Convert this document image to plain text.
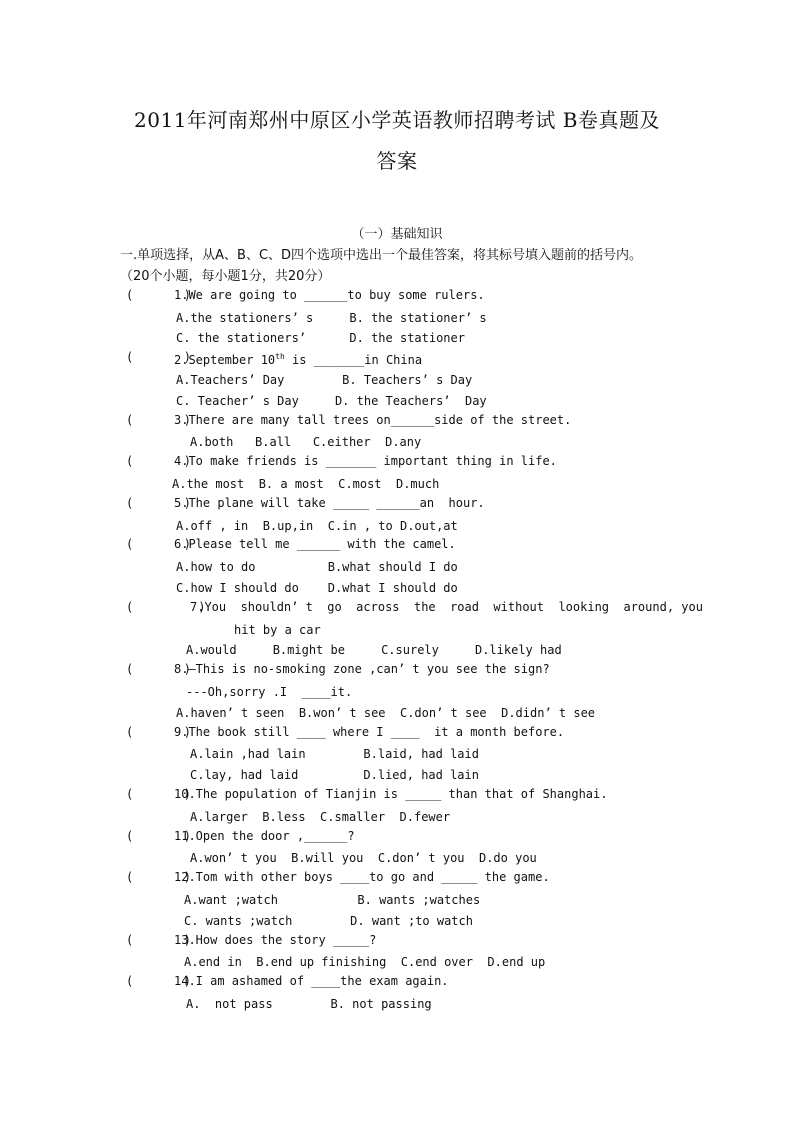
2011年河南郑州中原区小学英语教师招聘考试 B卷真题及
答案
（一）基础知识
一.单项选择，从A、B、C、D四个选项中选出一个最佳答案，将其标号填入题前的括号内。
（20个小题，每小题1分，共20分）
(       )
1.We are going to ______to buy some rulers.
A.the stationers’ s     B. the stationer’ s
C. the stationers’      D. the stationer
(       )
2.September 10th is _______in China
A.Teachers’ Day        B. Teachers’ s Day
C. Teacher’ s Day     D. the Teachers’  Day
(       )
3.There are many tall trees on______side of the street.
A.both   B.all   C.either  D.any
(       )
4.To make friends is _______ important thing in life.
A.the most  B. a most  C.most  D.much
(       )
5.The plane will take _____ ______an  hour.
A.off , in  B.up,in  C.in , to D.out,at
(       )
6.Please tell me ______ with the camel.
A.how to do          B.what should I do
C.how I should do    D.what I should do
(         )
7.You  shouldn’ t  go  across  the  road  without  looking  around, you
hit by a car
A.would     B.might be     C.surely     D.likely had
(       )
8.—This is no-smoking zone ,can’ t you see the sign?
---Oh,sorry .I  ____it.
A.haven’ t seen  B.won’ t see  C.don’ t see  D.didn’ t see
(       )
9.The book still ____ where I ____  it a month before.
A.lain ,had lain        B.laid, had laid
C.lay, had laid         D.lied, had lain
(       )
10.The population of Tianjin is _____ than that of Shanghai.
A.larger  B.less  C.smaller  D.fewer
(       )
11.Open the door ,______?
A.won’ t you  B.will you  C.don’ t you  D.do you
(       )
12.Tom with other boys ____to go and _____ the game.
A.want ;watch           B. wants ;watches
C. wants ;watch        D. want ;to watch
(       )
13.How does the story _____?
A.end in  B.end up finishing  C.end over  D.end up
(       )
14.I am ashamed of ____the exam again.
A.  not pass        B. not passing
